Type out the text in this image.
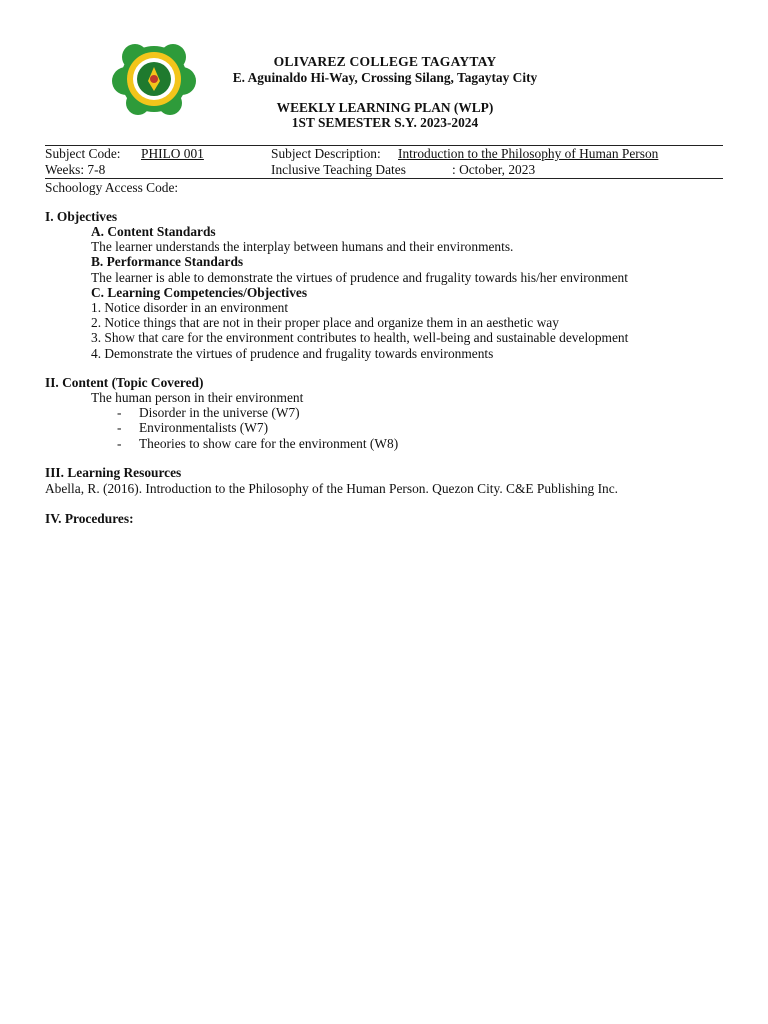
OLIVAREZ COLLEGE TAGAYTAY
E. Aguinaldo Hi-Way, Crossing Silang, Tagaytay City
WEEKLY LEARNING PLAN (WLP)
1ST SEMESTER S.Y. 2023-2024
Subject Code: PHILO 001	Subject Description: Introduction to the Philosophy of Human Person
Weeks: 7-8	Inclusive Teaching Dates	: October, 2023
Schoology Access Code:
I. Objectives
A. Content Standards
The learner understands the interplay between humans and their environments.
B. Performance Standards
The learner is able to demonstrate the virtues of prudence and frugality towards his/her environment
C. Learning Competencies/Objectives
1. Notice disorder in an environment
2. Notice things that are not in their proper place and organize them in an aesthetic way
3. Show that care for the environment contributes to health, well-being and sustainable development
4. Demonstrate the virtues of prudence and frugality towards environments
II. Content (Topic Covered)
The human person in their environment
- Disorder in the universe (W7)
- Environmentalists (W7)
- Theories to show care for the environment (W8)
III. Learning Resources
Abella, R. (2016). Introduction to the Philosophy of the Human Person. Quezon City. C&E Publishing Inc.
IV. Procedures:
